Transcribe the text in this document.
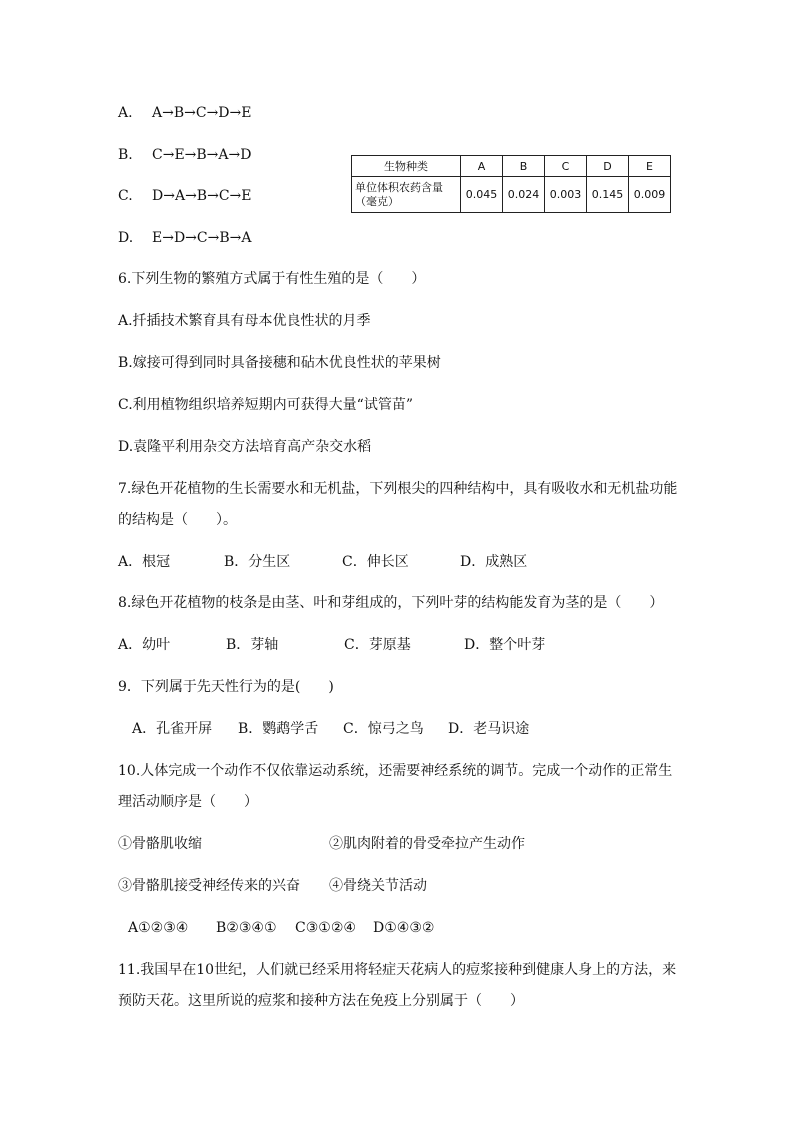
A. A→B→C→D→E
B. C→E→B→A→D
C. D→A→B→C→E
D. E→D→C→B→A
生物种类	A	B	C	D	E
单位体积农药含量（毫克）	0.045	0.024	0.003	0.145	0.009
6.下列生物的繁殖方式属于有性生殖的是（　　）
A.扦插技术繁育具有母本优良性状的月季
B.嫁接可得到同时具备接穗和砧木优良性状的苹果树
C.利用植物组织培养短期内可获得大量“试管苗”
D.袁隆平利用杂交方法培育高产杂交水稻
7.绿色开花植物的生长需要水和无机盐，下列根尖的四种结构中，具有吸收水和无机盐功能
的结构是（　　）。
A．根冠	B．分生区	C．伸长区	D．成熟区
8.绿色开花植物的枝条是由茎、叶和芽组成的，下列叶芽的结构能发育为茎的是（　　）
A．幼叶	B．芽轴	C．芽原基	D．整个叶芽
9．下列属于先天性行为的是(　　)
A．孔雀开屏 B．鹦鹉学舌 C．惊弓之鸟 D．老马识途
10.人体完成一个动作不仅依靠运动系统，还需要神经系统的调节。完成一个动作的正常生
理活动顺序是（　　）
①骨骼肌收缩	②肌肉附着的骨受牵拉产生动作
③骨骼肌接受神经传来的兴奋 ④骨绕关节活动
A①②③④ B②③④① C③①②④ D①④③②
11.我国早在10世纪，人们就已经采用将轻症天花病人的痘浆接种到健康人身上的方法，来
预防天花。这里所说的痘浆和接种方法在免疫上分别属于（　　）
